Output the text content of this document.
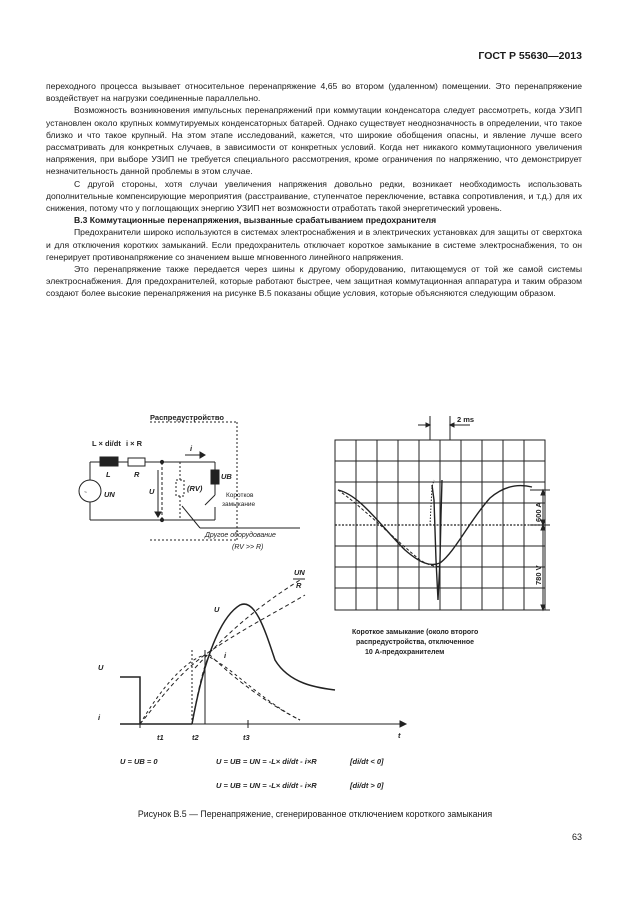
ГОСТ Р 55630—2013

переходного процесса вызывает относительное перенапряжение 4,65 во втором (удаленном) помещении. Это перенапряжение воздействует на нагрузки соединенные параллельно.

Возможность возникновения импульсных перенапряжений при коммутации конденсатора следует рассмотреть, когда УЗИП установлен около крупных коммутируемых конденсаторных батарей. Однако существует неоднозначность в определении, что такое близко и что такое крупный. На этом этапе исследований, кажется, что широкие обобщения опасны, и явление лучше всего рассматривать для конкретных случаев, в зависимости от конкретных условий. Когда нет никакого коммутационного увеличения напряжения, при выборе УЗИП не требуется специального рассмотрения, кроме ограничения по напряжению, что демонстрирует незначительность данной проблемы в этом случае.

С другой стороны, хотя случаи увеличения напряжения довольно редки, возникает необходимость использовать дополнительные компенсирующие мероприятия (расстраивание, ступенчатое переключение, вставка сопротивления, и т.д.) для их снижения, потому что у поглощающих энергию УЗИП нет возможности отработать такой энергетический уровень.

В.3 Коммутационные перенапряжения, вызванные срабатыванием предохранителя

Предохранители широко используются в системах электроснабжения и в электрических установках для защиты от сверхтока и для отключения коротких замыканий. Если предохранитель отключает короткое замыкание в системе электроснабжения, то он генерирует противонапряжение со значением выше мгновенного линейного напряжения.

Это перенапряжение также передается через шины к другому оборудованию, питающемуся от той же самой системы электроснабжения. Для предохранителей, которые работают быстрее, чем защитная коммутационная аппаратура и таким образом создают более высокие перенапряжения на рисунке В.5 показаны общие условия, которые объясняются следующим образом.

Распредустройство
~
L × di/dt i × R
L	R
i
UB
UN	U	(RV)
Коротков
замыкание
Другое оборудование
(RV >> R)
2 ms
600 A
780 V
Короткое замыкание (около второго
распредустройства, отключенное
10 А-предохранителем
U
i
U
i
UN
R
t
t1	t2	t3
U = UB = 0	U = UB = UN = -L× di/dt - i×R	[di/dt < 0]
U = UB = UN = -L× di/dt - i×R	[di/dt > 0]
Рисунок В.5 — Перенапряжение, сгенерированное отключением короткого замыкания
63
